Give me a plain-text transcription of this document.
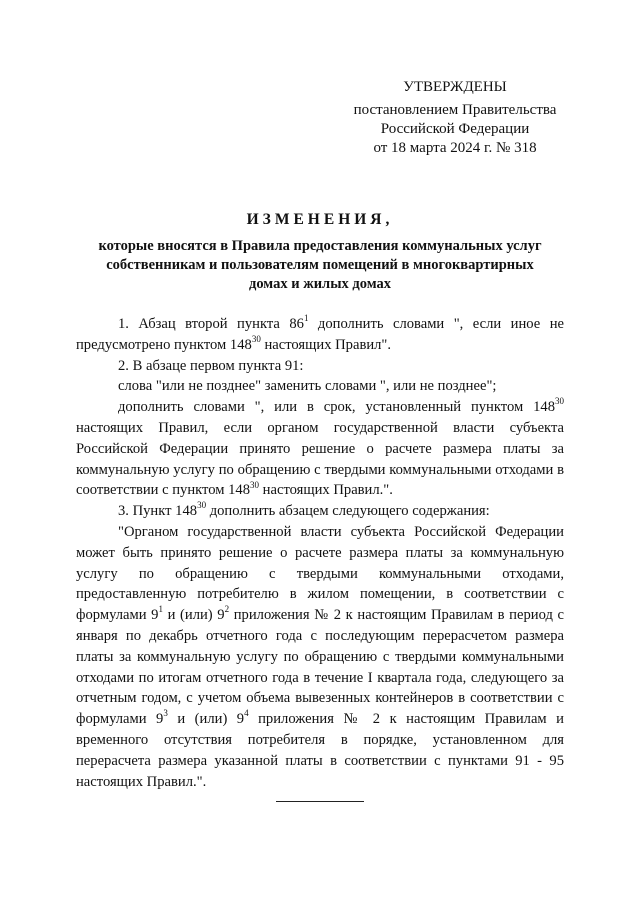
УТВЕРЖДЕНЫ
постановлением Правительства
Российской Федерации
от 18 марта 2024 г. № 318
ИЗМЕНЕНИЯ,
которые вносятся в Правила предоставления коммунальных услуг собственникам и пользователям помещений в многоквартирных домах и жилых домах

1. Абзац второй пункта $86^1$ дополнить словами ", если иное не предусмотрено пунктом $148^{30}$ настоящих Правил".

2. В абзаце первом пункта 91:

слова "или не позднее" заменить словами ", или не позднее";

дополнить словами ", или в срок, установленный пунктом $148^{30}$ настоящих Правил, если органом государственной власти субъекта Российской Федерации принято решение о расчете размера платы за коммунальную услугу по обращению с твердыми коммунальными отходами в соответствии с пунктом $148^{30}$ настоящих Правил.".

3. Пункт $148^{30}$ дополнить абзацем следующего содержания:

"Органом государственной власти субъекта Российской Федерации может быть принято решение о расчете размера платы за коммунальную услугу по обращению с твердыми коммунальными отходами, предоставленную потребителю в жилом помещении, в соответствии с формулами $9^1$ и (или) $9^2$ приложения № 2 к настоящим Правилам в период с января по декабрь отчетного года с последующим перерасчетом размера платы за коммунальную услугу по обращению с твердыми коммунальными отходами по итогам отчетного года в течение I квартала года, следующего за отчетным годом, с учетом объема вывезенных контейнеров в соответствии с формулами $9^3$ и (или) $9^4$ приложения № 2 к настоящим Правилам и временного отсутствия потребителя в порядке, установленном для перерасчета размера указанной платы в соответствии с пунктами 91 - 95 настоящих Правил.".
